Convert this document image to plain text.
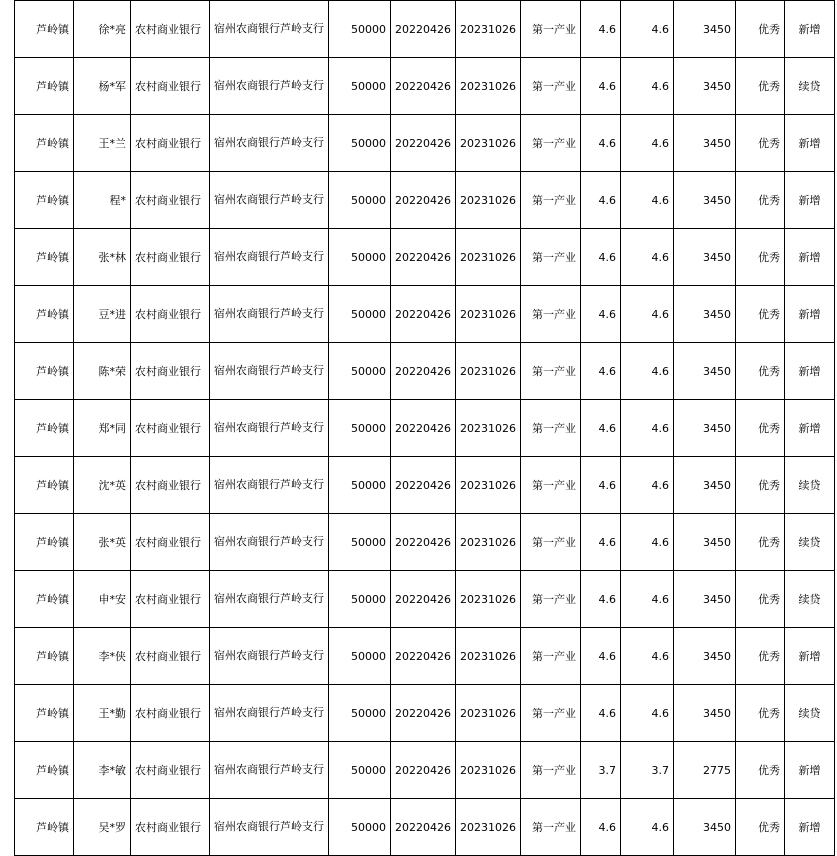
芦岭镇	徐*亮	农村商业银行	宿州农商银行芦岭支行	50000	20220426	20231026	第一产业	4.6	4.6	3450	优秀	新增
芦岭镇	杨*军	农村商业银行	宿州农商银行芦岭支行	50000	20220426	20231026	第一产业	4.6	4.6	3450	优秀	续贷
芦岭镇	王*兰	农村商业银行	宿州农商银行芦岭支行	50000	20220426	20231026	第一产业	4.6	4.6	3450	优秀	新增
芦岭镇	程*	农村商业银行	宿州农商银行芦岭支行	50000	20220426	20231026	第一产业	4.6	4.6	3450	优秀	新增
芦岭镇	张*林	农村商业银行	宿州农商银行芦岭支行	50000	20220426	20231026	第一产业	4.6	4.6	3450	优秀	新增
芦岭镇	豆*进	农村商业银行	宿州农商银行芦岭支行	50000	20220426	20231026	第一产业	4.6	4.6	3450	优秀	新增
芦岭镇	陈*荣	农村商业银行	宿州农商银行芦岭支行	50000	20220426	20231026	第一产业	4.6	4.6	3450	优秀	新增
芦岭镇	郑*同	农村商业银行	宿州农商银行芦岭支行	50000	20220426	20231026	第一产业	4.6	4.6	3450	优秀	新增
芦岭镇	沈*英	农村商业银行	宿州农商银行芦岭支行	50000	20220426	20231026	第一产业	4.6	4.6	3450	优秀	续贷
芦岭镇	张*英	农村商业银行	宿州农商银行芦岭支行	50000	20220426	20231026	第一产业	4.6	4.6	3450	优秀	续贷
芦岭镇	申*安	农村商业银行	宿州农商银行芦岭支行	50000	20220426	20231026	第一产业	4.6	4.6	3450	优秀	续贷
芦岭镇	李*侠	农村商业银行	宿州农商银行芦岭支行	50000	20220426	20231026	第一产业	4.6	4.6	3450	优秀	新增
芦岭镇	王*勤	农村商业银行	宿州农商银行芦岭支行	50000	20220426	20231026	第一产业	4.6	4.6	3450	优秀	续贷
芦岭镇	李*敏	农村商业银行	宿州农商银行芦岭支行	50000	20220426	20231026	第一产业	3.7	3.7	2775	优秀	新增
芦岭镇	吴*罗	农村商业银行	宿州农商银行芦岭支行	50000	20220426	20231026	第一产业	4.6	4.6	3450	优秀	新增
